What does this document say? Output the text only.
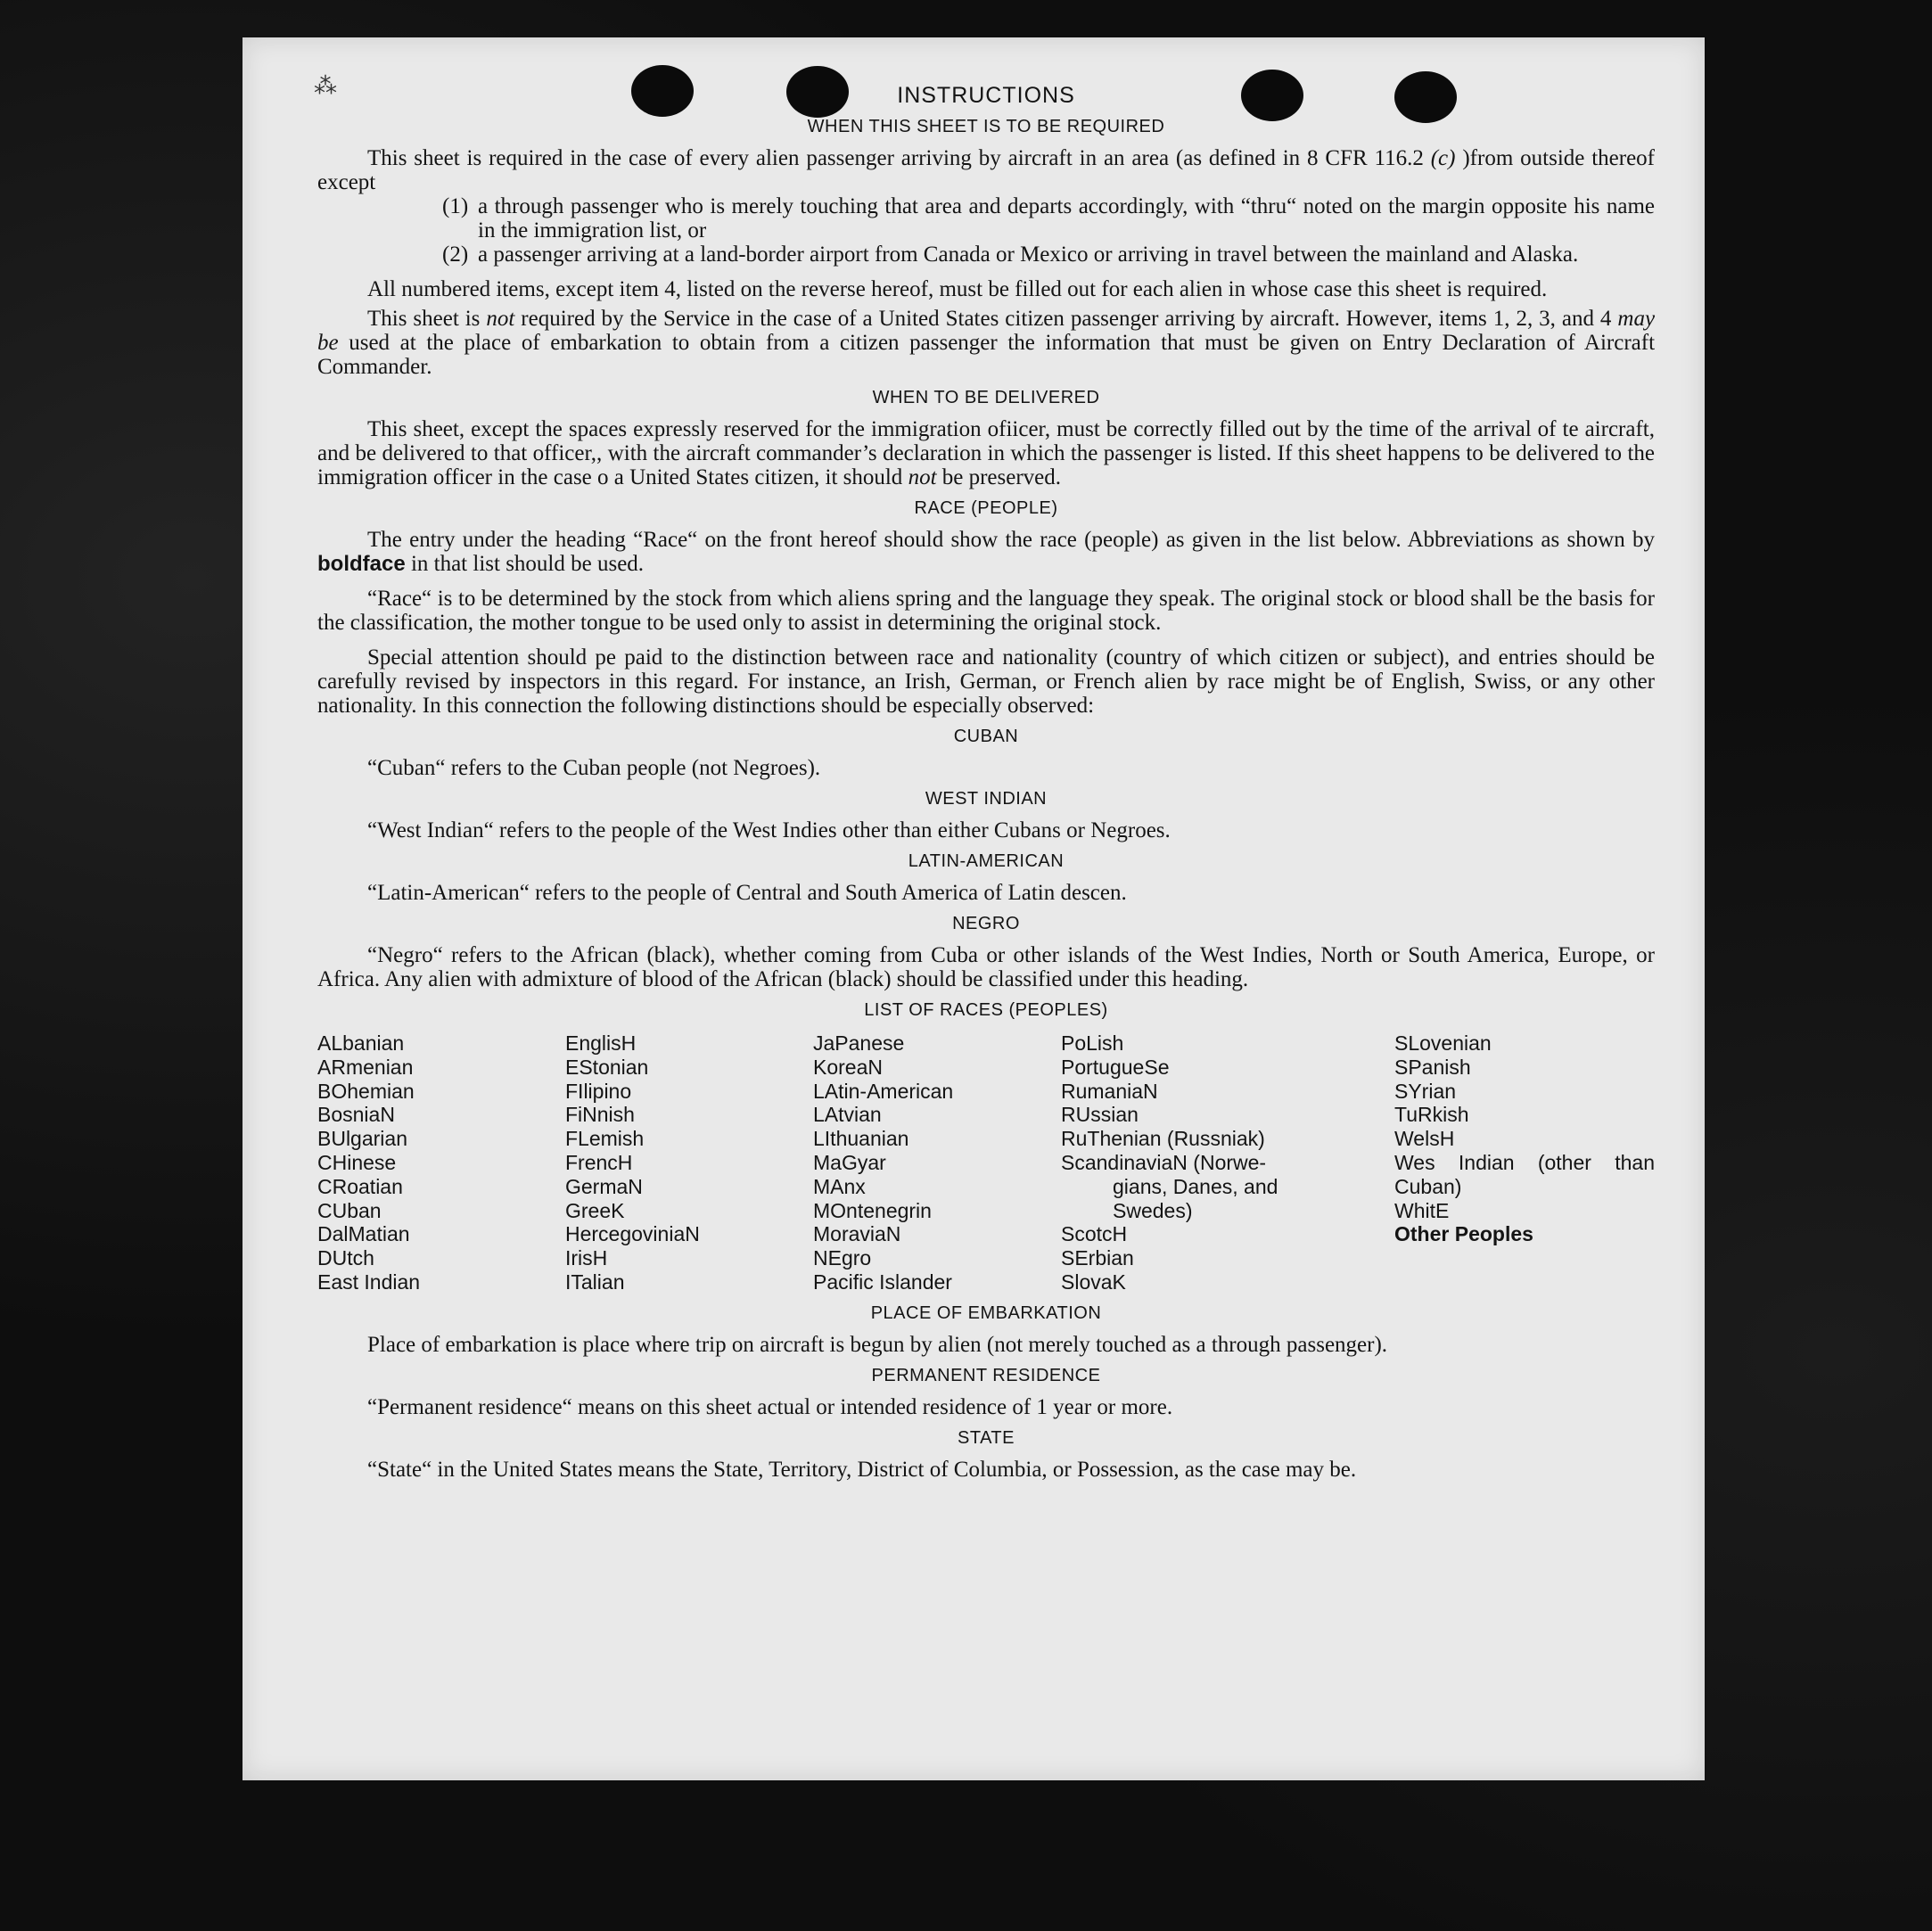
⁂	INSTRUCTIONS
WHEN THIS SHEET IS TO BE REQUIRED

This sheet is required in the case of every alien passenger arriving by aircraft in an area (as defined in 8 CFR 116.2 (c) )from outside thereof except

(1) a through passenger who is merely touching that area and departs accordingly, with “thru“ noted on the margin opposite his name in the immigration list, or
(2) a passenger arriving at a land-border airport from Canada or Mexico or arriving in travel between the mainland and Alaska.

All numbered items, except item 4, listed on the reverse hereof, must be filled out for each alien in whose case this sheet is required.

This sheet is not required by the Service in the case of a United States citizen passenger arriving by aircraft. However, items 1, 2, 3, and 4 may be used at the place of embarkation to obtain from a citizen passenger the information that must be given on Entry Declaration of Aircraft Commander.

WHEN TO BE DELIVERED

This sheet, except the spaces expressly reserved for the immigration ofiicer, must be correctly filled out by the time of the arrival of te aircraft, and be delivered to that officer,, with the aircraft commander’s declaration in which the passenger is listed. If this sheet happens to be delivered to the immigration officer in the case o a United States citizen, it should not be preserved.

RACE (PEOPLE)

The entry under the heading “Race“ on the front hereof should show the race (people) as given in the list below. Abbreviations as shown by boldface in that list should be used.

“Race“ is to be determined by the stock from which aliens spring and the language they speak. The original stock or blood shall be the basis for the classification, the mother tongue to be used only to assist in determining the original stock.

Special attention should pe paid to the distinction between race and nationality (country of which citizen or subject), and entries should be carefully revised by inspectors in this regard. For instance, an Irish, German, or French alien by race might be of English, Swiss, or any other nationality. In this connection the following distinctions should be especially observed:

CUBAN

“Cuban“ refers to the Cuban people (not Negroes).

WEST INDIAN

“West Indian“ refers to the people of the West Indies other than either Cubans or Negroes.

LATIN-AMERICAN

“Latin-American“ refers to the people of Central and South America of Latin descen.

NEGRO

“Negro“ refers to the African (black), whether coming from Cuba or other islands of the West Indies, North or South America, Europe, or Africa. Any alien with admixture of blood of the African (black) should be classified under this heading.

LIST OF RACES (PEOPLES)
ALbanian
ARmenian
BOhemian
BosniaN
BUlgarian
CHinese
CRoatian
CUban
DalMatian
DUtch
East Indian
EnglisH
EStonian
FIlipino
FiNnish
FLemish
FrencH
GermaN
GreeK
HercegoviniaN
IrisH
ITalian
JaPanese
KoreaN
LAtin-American
LAtvian
LIthuanian
MaGyar
MAnx
MOntenegrin
MoraviaN
NEgro
Pacific Islander
PoLish
PortugueSe
RumaniaN
RUssian
RuThenian (Russniak)
ScandinaviaN (Norwe-
gians, Danes, and
Swedes)
ScotcH
SErbian
SlovaK
SLovenian
SPanish
SYrian
TuRkish
WelsH
Wes Indian (other than Cuban)
WhitE
Other Peoples
PLACE OF EMBARKATION

Place of embarkation is place where trip on aircraft is begun by alien (not merely touched as a through passenger).

PERMANENT RESIDENCE

“Permanent residence“ means on this sheet actual or intended residence of 1 year or more.

STATE

“State“ in the United States means the State, Territory, District of Columbia, or Possession, as the case may be.
